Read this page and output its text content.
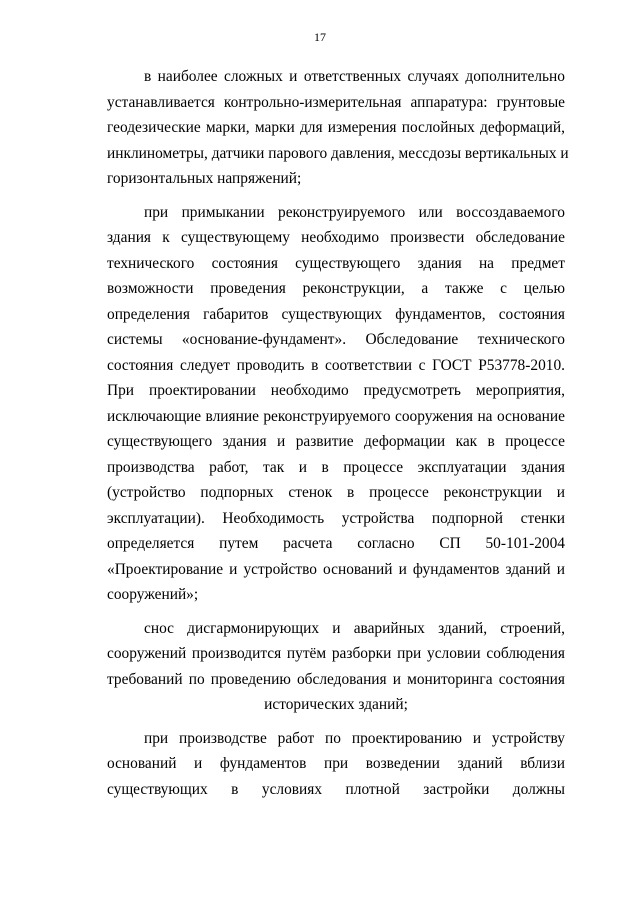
17

в наиболее сложных и ответственных случаях дополнительно
устанавливается контрольно-измерительная аппаратура: грунтовые
геодезические марки, марки для измерения послойных деформаций,
инклинометры, датчики парового давления, месcдозы вертикальных и
горизонтальных напряжений;

при примыкании реконструируемого или воссоздаваемого
здания к существующему необходимо произвести обследование
технического состояния существующего здания на предмет
возможности проведения реконструкции, а также с целью
определения габаритов существующих фундаментов, состояния
системы «основание-фундамент». Обследование технического
состояния следует проводить в соответствии с ГОСТ Р53778-2010.
При проектировании необходимо предусмотреть мероприятия,
исключающие влияние реконструируемого сооружения на основание
существующего здания и развитие деформации как в процессе
производства работ, так и в процессе эксплуатации здания
(устройство подпорных стенок в процессе реконструкции и
эксплуатации). Необходимость устройства подпорной стенки
определяется путем расчета согласно СП 50-101-2004
«Проектирование и устройство оснований и фундаментов зданий и
сооружений»;

снос дисгармонирующих и аварийных зданий, строений,
сооружений производится путём разборки при условии соблюдения
требований по проведению обследования и мониторинга состояния
исторических зданий;

при производстве работ по проектированию и устройству
оснований и фундаментов при возведении зданий вблизи
существующих в условиях плотной застройки должны
